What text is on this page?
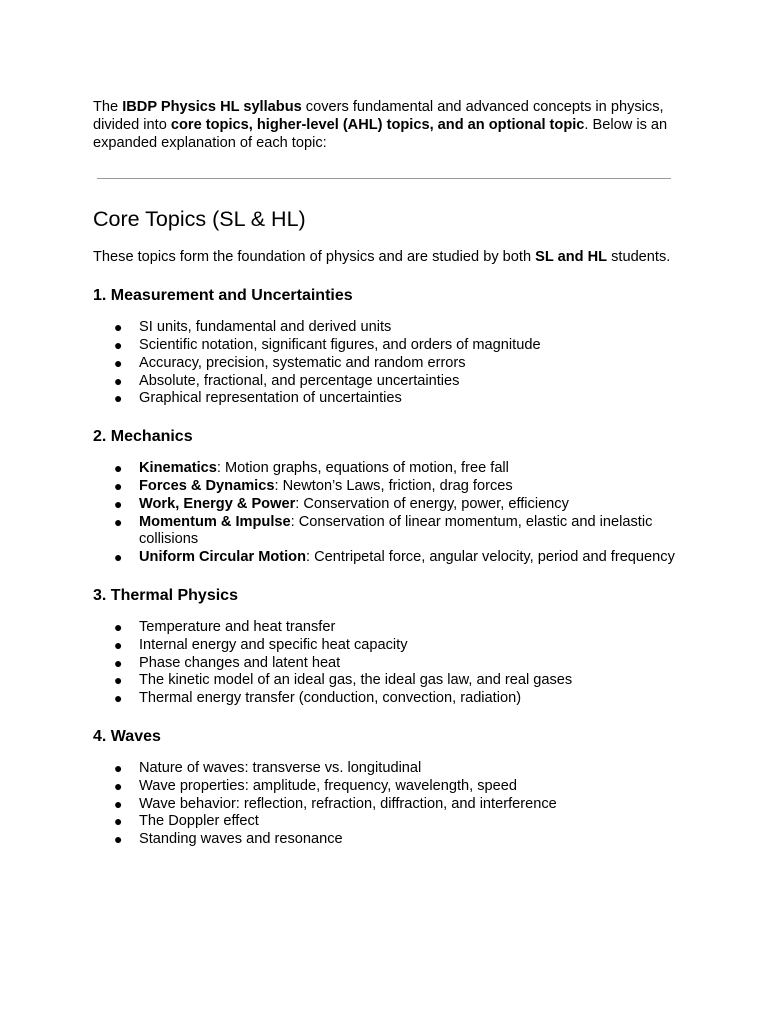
The IBDP Physics HL syllabus covers fundamental and advanced concepts in physics, divided into core topics, higher-level (AHL) topics, and an optional topic. Below is an expanded explanation of each topic:

Core Topics (SL & HL)

These topics form the foundation of physics and are studied by both SL and HL students.

1. Measurement and Uncertainties
● SI units, fundamental and derived units
● Scientific notation, significant figures, and orders of magnitude
● Accuracy, precision, systematic and random errors
● Absolute, fractional, and percentage uncertainties
● Graphical representation of uncertainties
2. Mechanics
● Kinematics: Motion graphs, equations of motion, free fall
● Forces & Dynamics: Newton’s Laws, friction, drag forces
● Work, Energy & Power: Conservation of energy, power, efficiency
● Momentum & Impulse: Conservation of linear momentum, elastic and inelastic collisions
● Uniform Circular Motion: Centripetal force, angular velocity, period and frequency
3. Thermal Physics
● Temperature and heat transfer
● Internal energy and specific heat capacity
● Phase changes and latent heat
● The kinetic model of an ideal gas, the ideal gas law, and real gases
● Thermal energy transfer (conduction, convection, radiation)
4. Waves
● Nature of waves: transverse vs. longitudinal
● Wave properties: amplitude, frequency, wavelength, speed
● Wave behavior: reflection, refraction, diffraction, and interference
● The Doppler effect
● Standing waves and resonance
